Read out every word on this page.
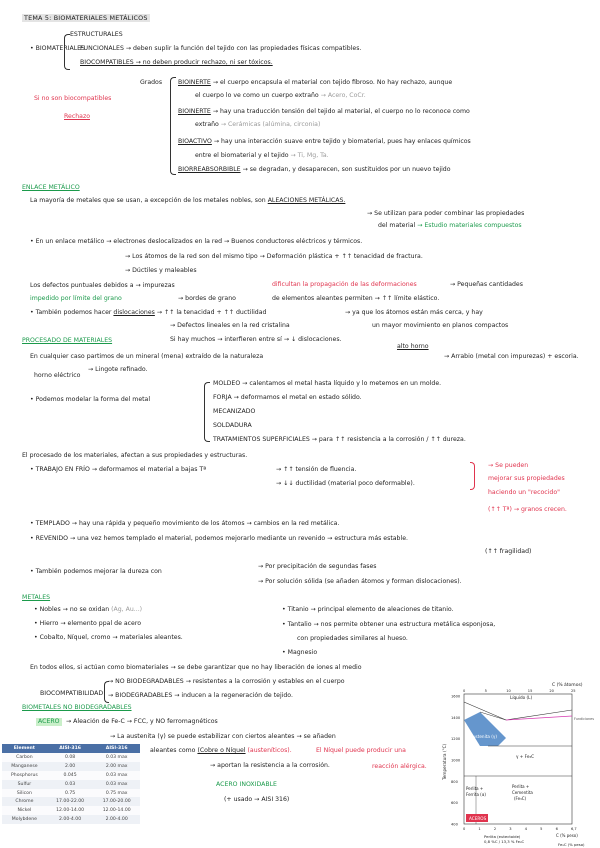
TEMA 5: BIOMATERIALES METÁLICOS
ESTRUCTURALES
• BIOMATERIALES
FUNCIONALES → deben suplir la función del tejido con las propiedades físicas compatibles.
BIOCOMPATIBLES → no deben producir rechazo, ni ser tóxicos.
Grados	BIOINERTE → el cuerpo encapsula el material con tejido fibroso. No hay rechazo, aunque
el cuerpo lo ve como un cuerpo extraño → Acero, CoCr.
BIOINERTE → hay una traducción tensión del tejido al material, el cuerpo no lo reconoce como
extraño → Cerámicas (alúmina, circonia)
BIOACTIVO → hay una interacción suave entre tejido y biomaterial, pues hay enlaces químicos
entre el biomaterial y el tejido → Ti, Mg, Ta.
BIORREABSORBIBLE → se degradan, y desaparecen, son sustituidos por un nuevo tejido
Si no son biocompatibles
Rechazo
ENLACE METÁLICO
La mayoría de metales que se usan, a excepción de los metales nobles, son ALEACIONES METÁLICAS.
→ Se utilizan para poder combinar las propiedades
del material → Estudio materiales compuestos
• En un enlace metálico → electrones deslocalizados en la red → Buenos conductores eléctricos y térmicos.
→ Los átomos de la red son del mismo tipo → Deformación plástica + ↑↑ tenacidad de fractura.
→ Dúctiles y maleables
Los defectos puntuales debidos a → impurezas	dificultan la propagación de las deformaciones	→ Pequeñas cantidades
impedido por límite del grano	→ bordes de grano	de elementos aleantes permiten → ↑↑ límite elástico.
• También podemos hacer dislocaciones → ↑↑ la tenacidad + ↑↑ ductilidad	→ ya que los átomos están más cerca, y hay
→ Defectos lineales en la red cristalina	un mayor movimiento en planos compactos
Si hay muchos → interfieren entre sí → ↓ dislocaciones.
PROCESADO DE MATERIALES
alto horno
En cualquier caso partimos de un mineral (mena) extraído de la naturaleza	→ Arrabio (metal con impurezas) + escoria.
horno eléctrico
→ Lingote refinado.
• Podemos modelar la forma del metal
MOLDEO → calentamos el metal hasta líquido y lo metemos en un molde.
FORJA → deformamos el metal en estado sólido.
MECANIZADO
SOLDADURA
TRATAMIENTOS SUPERFICIALES → para ↑↑ resistencia a la corrosión / ↑↑ dureza.
El procesado de los materiales, afectan a sus propiedades y estructuras.
• TRABAJO EN FRÍO → deformamos el material a bajas Tª	→ ↑↑ tensión de fluencia.
→ ↓↓ ductilidad (material poco deformable).
→ Se pueden
mejorar sus propiedades
haciendo un "recocido"
(↑↑ Tª) → granos crecen.
• TEMPLADO → hay una rápida y pequeño movimiento de los átomos → cambios en la red metálica.
• REVENIDO → una vez hemos templado el material, podemos mejorarlo mediante un revenido → estructura más estable.
(↑↑ fragilidad)
• También podemos mejorar la dureza con
→ Por precipitación de segundas fases
→ Por solución sólida (se añaden átomos y forman dislocaciones).
METALES
• Nobles → no se oxidan (Ag, Au...)
• Hierro → elemento ppal de acero
• Cobalto, Níquel, cromo → materiales aleantes.
• Titanio → principal elemento de aleaciones de titanio.
• Tantalio → nos permite obtener una estructura metálica esponjosa,
con propiedades similares al hueso.
• Magnesio
En todos ellos, si actúan como biomateriales → se debe garantizar que no hay liberación de iones al medio
→ NO BIODEGRADABLES → resistentes a la corrosión y estables en el cuerpo
BIOCOMPATIBILIDAD → BIODEGRADABLES → inducen a la regeneración de tejido.
BIOMETALES NO BIODEGRADABLES
ACERO	→ Aleación de Fe-C → FCC, y NO ferromagnéticos
→ La austenita (γ) se puede estabilizar con ciertos aleantes → se añaden
aleantes como (Cobre o Níquel (austeníticos).	El Níquel puede producir una
→ aportan la resistencia a la corrosión.	reacción alérgica.
ACERO INOXIDABLE
(+ usado → AISI 316)
Element	AISI-316	AISI-316
Carbon	0.08	0.03 max
Manganese	2.00	2.00 max
Phosphorus	0.045	0.03 max
Sulfur	0.03	0.03 max
Silicon	0.75	0.75 max
Chrome	17.00-22.00	17.00-20.00
Nickel	12.00-14.00	12.00-14.00
Molybdene	2.00-4.00	2.00-4.00
C (% átomos)
Temperatura (°C)
1600
1400
1200
1000
800
600
400
0	5	10	15	20	25
0	1	2	3	4	5	6	6,7
ACEROS
Líquido (L)
Austenita (γ)
γ + Fe₃C
Perlita +
Ferrita (α)
Perlita +
Cementita
(Fe₃C)
Fundiciones
C (% peso)
Perlita (eutectoide)
0,8 %C / 13,3 % Fe₃C
Fe₃C (% peso)
